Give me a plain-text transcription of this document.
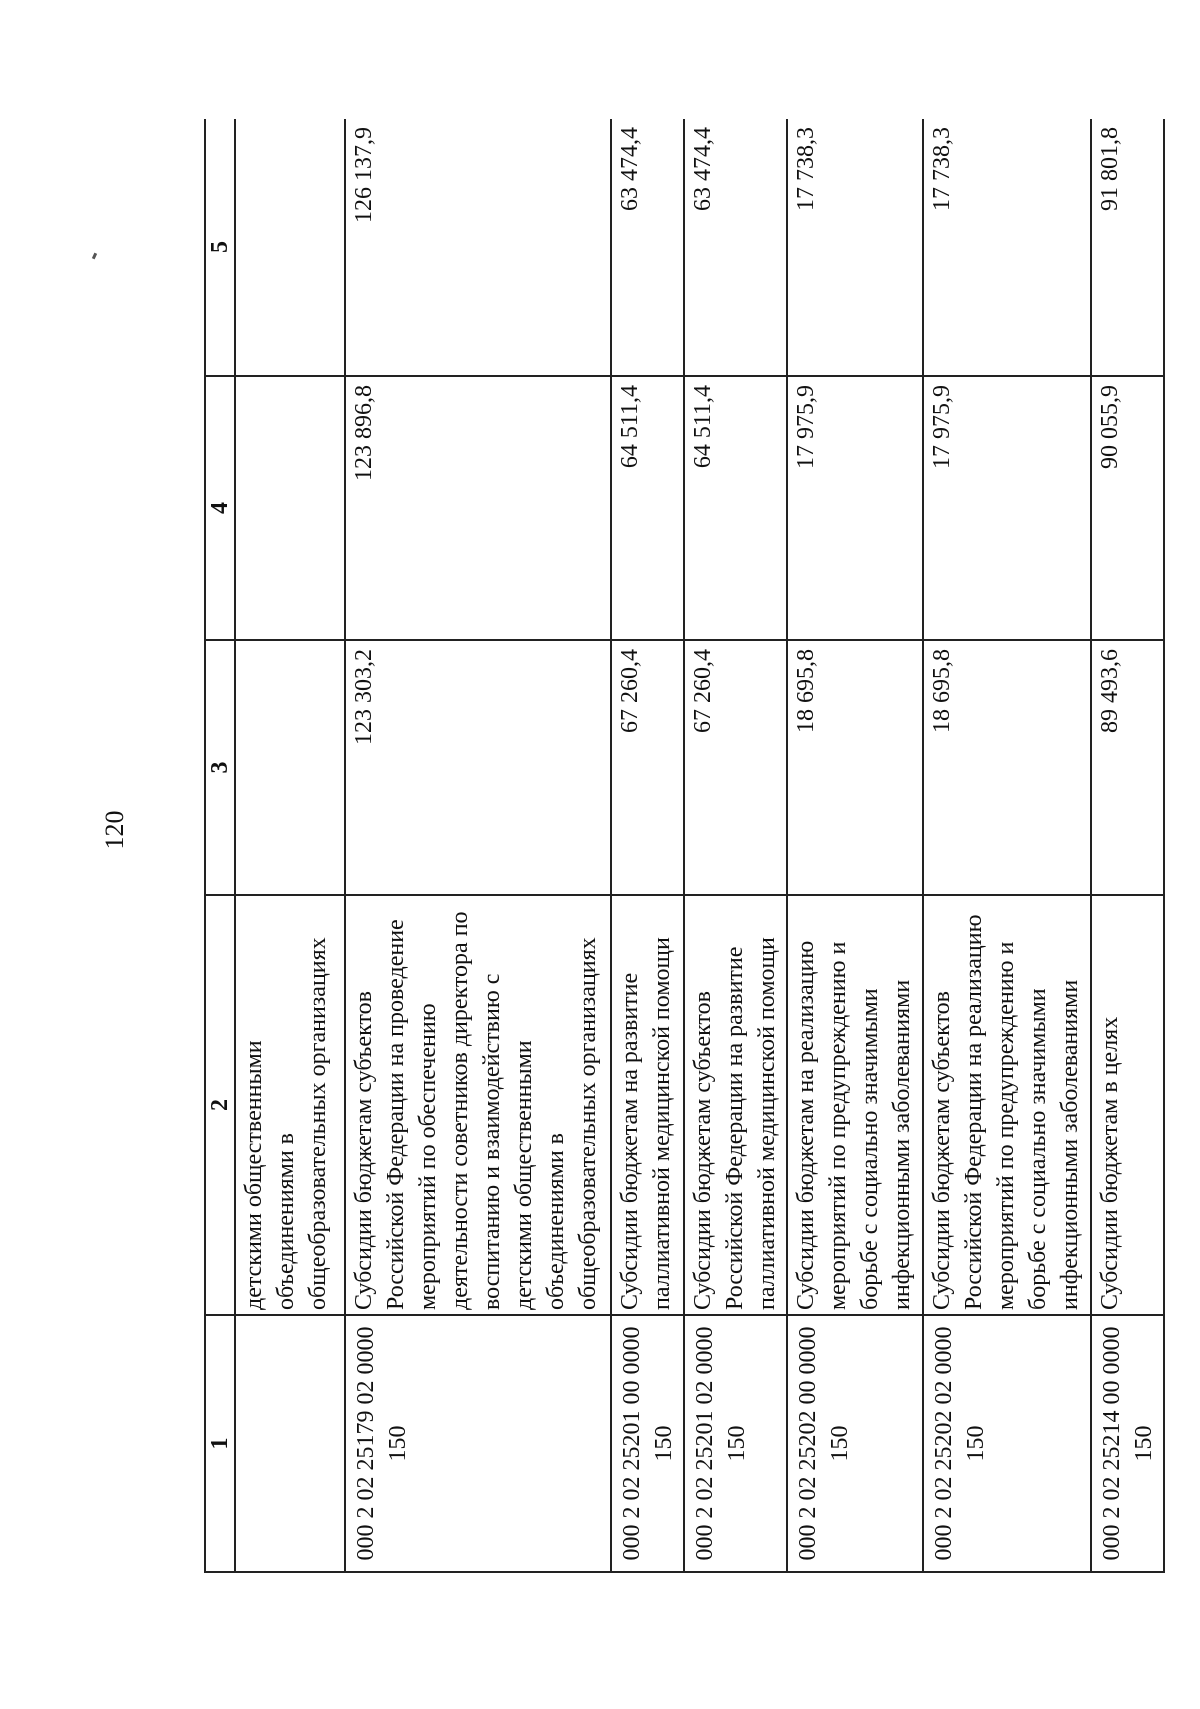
120
1	2	3	4	5
	детскими общественными объединениями в общеобразовательных организациях			
000 2 02 25179 02 0000 150	Субсидии бюджетам субъектов Российской Федерации на проведение мероприятий по обеспечению деятельности советников директора по воспитанию и взаимодействию с детскими общественными объединениями в общеобразовательных организациях	123 303,2	123 896,8	126 137,9
000 2 02 25201 00 0000 150	Субсидии бюджетам на развитие паллиативной медицинской помощи	67 260,4	64 511,4	63 474,4
000 2 02 25201 02 0000 150	Субсидии бюджетам субъектов Российской Федерации на развитие паллиативной медицинской помощи	67 260,4	64 511,4	63 474,4
000 2 02 25202 00 0000 150	Субсидии бюджетам на реализацию мероприятий по предупреждению и борьбе с социально значимыми инфекционными заболеваниями	18 695,8	17 975,9	17 738,3
000 2 02 25202 02 0000 150	Субсидии бюджетам субъектов Российской Федерации на реализацию мероприятий по предупреждению и борьбе с социально значимыми инфекционными заболеваниями	18 695,8	17 975,9	17 738,3
000 2 02 25214 00 0000 150	Субсидии бюджетам в целях	89 493,6	90 055,9	91 801,8
